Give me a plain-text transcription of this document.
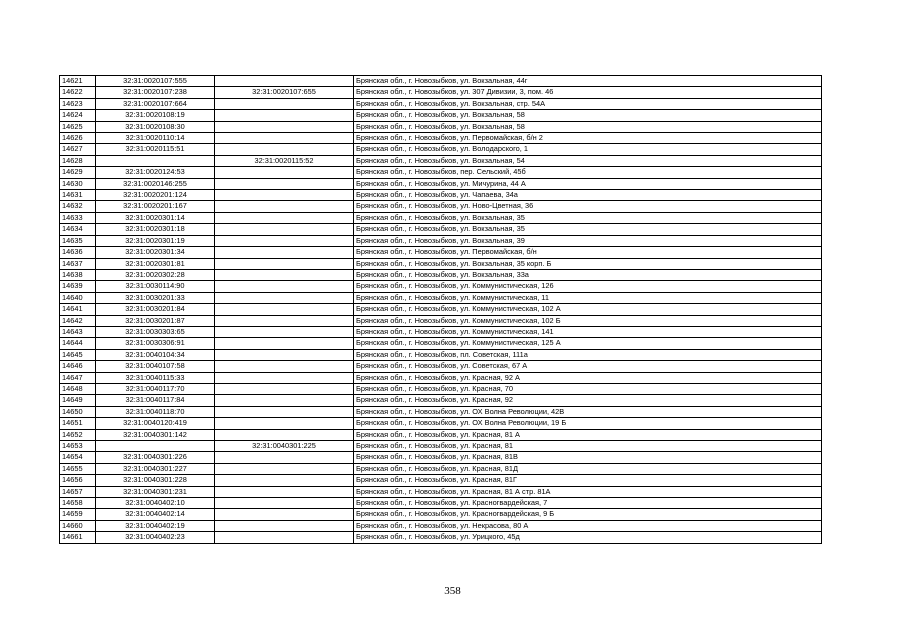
14621	32:31:0020107:555		Брянская обл., г. Новозыбков, ул. Вокзальная, 44г
14622	32:31:0020107:238	32:31:0020107:655	Брянская обл., г. Новозыбков, ул. 307 Дивизии, 3, пом. 46
14623	32:31:0020107:664		Брянская обл., г. Новозыбков, ул. Вокзальная, стр. 54А
14624	32:31:0020108:19		Брянская обл., г. Новозыбков, ул. Вокзальная, 58
14625	32:31:0020108:30		Брянская обл., г. Новозыбков, ул. Вокзальная, 58
14626	32:31:0020110:14		Брянская обл., г. Новозыбков, ул. Первомайская, б/н 2
14627	32:31:0020115:51		Брянская обл., г. Новозыбков, ул. Володарского, 1
14628		32:31:0020115:52	Брянская обл., г. Новозыбков, ул. Вокзальная, 54
14629	32:31:0020124:53		Брянская обл., г. Новозыбков, пер. Сельский, 45б
14630	32:31:0020146:255		Брянская обл., г. Новозыбков, ул. Мичурина, 44 А
14631	32:31:0020201:124		Брянская обл., г. Новозыбков, ул. Чапаева, 34а
14632	32:31:0020201:167		Брянская обл., г. Новозыбков, ул. Ново-Цветная, 36
14633	32:31:0020301:14		Брянская обл., г. Новозыбков, ул. Вокзальная, 35
14634	32:31:0020301:18		Брянская обл., г. Новозыбков, ул. Вокзальная, 35
14635	32:31:0020301:19		Брянская обл., г. Новозыбков, ул. Вокзальная, 39
14636	32:31:0020301:34		Брянская обл., г. Новозыбков, ул. Первомайская, б/н
14637	32:31:0020301:81		Брянская обл., г. Новозыбков, ул. Вокзальная, 35 корп. Б
14638	32:31:0020302:28		Брянская обл., г. Новозыбков, ул. Вокзальная, 33а
14639	32:31:0030114:90		Брянская обл., г. Новозыбков, ул. Коммунистическая, 126
14640	32:31:0030201:33		Брянская обл., г. Новозыбков, ул. Коммунистическая, 11
14641	32:31:0030201:84		Брянская обл., г. Новозыбков, ул. Коммунистическая, 102 А
14642	32:31:0030201:87		Брянская обл., г. Новозыбков, ул. Коммунистическая, 102 Б
14643	32:31:0030303:65		Брянская обл., г. Новозыбков, ул. Коммунистическая, 141
14644	32:31:0030306:91		Брянская обл., г. Новозыбков, ул. Коммунистическая, 125 А
14645	32:31:0040104:34		Брянская обл., г. Новозыбков, пл. Советская, 111а
14646	32:31:0040107:58		Брянская обл., г. Новозыбков, ул. Советская, 67 А
14647	32:31:0040115:33		Брянская обл., г. Новозыбков, ул. Красная, 92 А
14648	32:31:0040117:70		Брянская обл., г. Новозыбков, ул. Красная, 70
14649	32:31:0040117:84		Брянская обл., г. Новозыбков, ул. Красная, 92
14650	32:31:0040118:70		Брянская обл., г. Новозыбков, ул. ОХ Волна Революции, 42В
14651	32:31:0040120:419		Брянская обл., г. Новозыбков, ул. ОХ Волна Революции, 19 Б
14652	32:31:0040301:142		Брянская обл., г. Новозыбков, ул. Красная, 81 А
14653		32:31:0040301:225	Брянская обл., г. Новозыбков, ул. Красная, 81
14654	32:31:0040301:226		Брянская обл., г. Новозыбков, ул. Красная, 81В
14655	32:31:0040301:227		Брянская обл., г. Новозыбков, ул. Красная, 81Д
14656	32:31:0040301:228		Брянская обл., г. Новозыбков, ул. Красная, 81Г
14657	32:31:0040301:231		Брянская обл., г. Новозыбков, ул. Красная, 81 А стр. 81А
14658	32:31:0040402:10		Брянская обл., г. Новозыбков, ул. Красногвардейская, 7
14659	32:31:0040402:14		Брянская обл., г. Новозыбков, ул. Красногвардейская, 9 Б
14660	32:31:0040402:19		Брянская обл., г. Новозыбков, ул. Некрасова, 80 А
14661	32:31:0040402:23		Брянская обл., г. Новозыбков, ул. Урицкого, 45д
358
